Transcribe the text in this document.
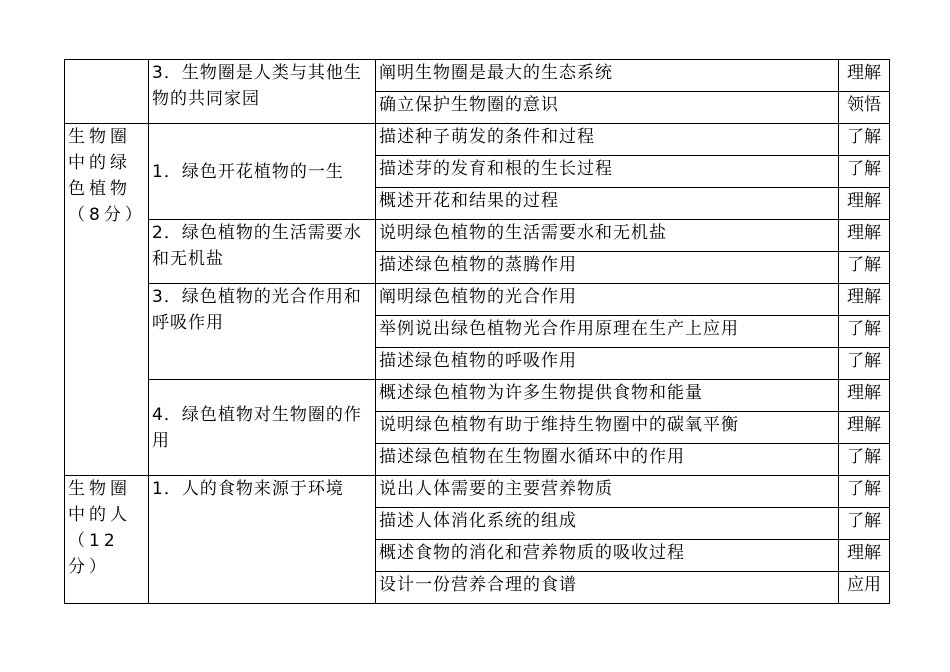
	3．生物圈是人类与其他生物的共同家园	阐明生物圈是最大的生态系统	理解
		确立保护生物圈的意识	领悟
生物圈中的绿色植物（8分）	1．绿色开花植物的一生	描述种子萌发的条件和过程	了解
		描述芽的发育和根的生长过程	了解
		概述开花和结果的过程	理解
	2．绿色植物的生活需要水和无机盐	说明绿色植物的生活需要水和无机盐	理解
		描述绿色植物的蒸腾作用	了解
	3．绿色植物的光合作用和呼吸作用	阐明绿色植物的光合作用	理解
		举例说出绿色植物光合作用原理在生产上应用	了解
		描述绿色植物的呼吸作用	了解
	4．绿色植物对生物圈的作用	概述绿色植物为许多生物提供食物和能量	理解
		说明绿色植物有助于维持生物圈中的碳氧平衡	理解
		描述绿色植物在生物圈水循环中的作用	了解
生物圈中的人（12分）	1．人的食物来源于环境	说出人体需要的主要营养物质	了解
		描述人体消化系统的组成	了解
		概述食物的消化和营养物质的吸收过程	理解
		设计一份营养合理的食谱	应用
